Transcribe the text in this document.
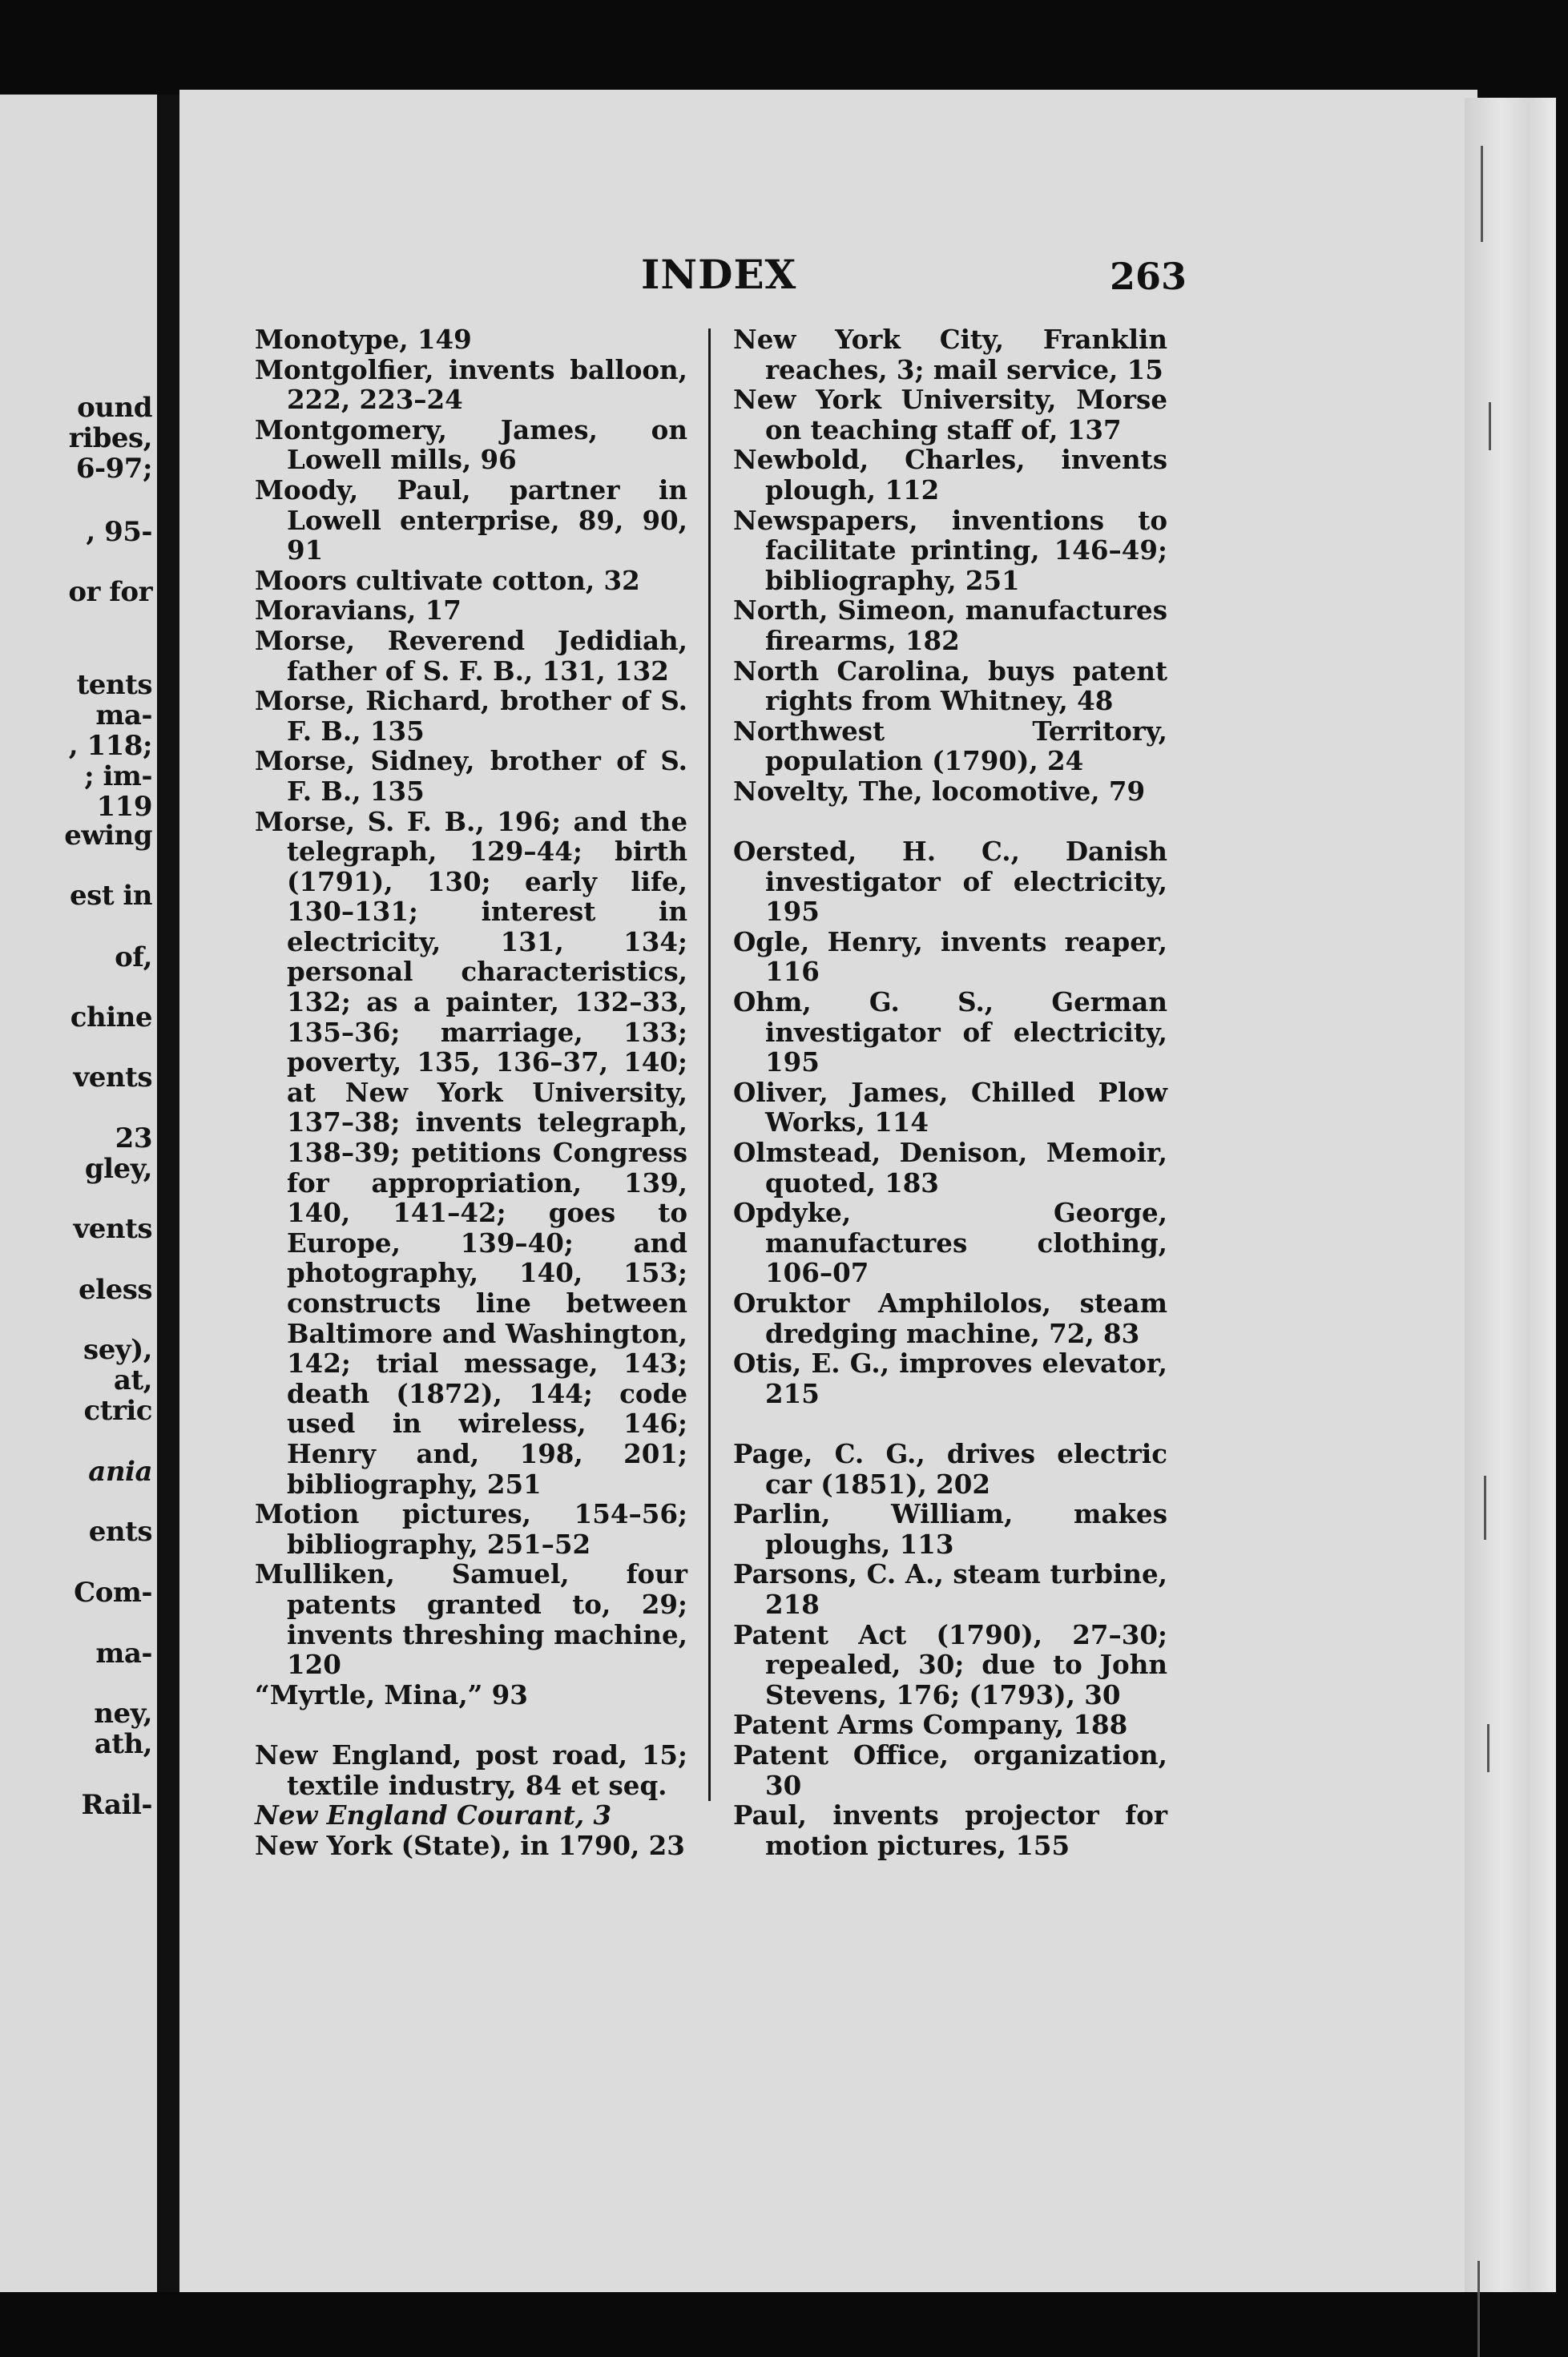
ound
ribes,
6-97;
, 95-
or for
tents
ma-
, 118;
; im-
119
ewing
est in
of,
chine
vents
23
gley,
vents
eless
sey),
at,
ctric
ania
ents
Com-
ma-
ney,
ath,
Rail-
INDEX	263

Monotype, 149

Montgolfier, invents balloon, 222, 223–24

Montgomery, James, on Lowell mills, 96

Moody, Paul, partner in Lowell enterprise, 89, 90, 91

Moors cultivate cotton, 32

Moravians, 17

Morse, Reverend Jedidiah, father of S. F. B., 131, 132

Morse, Richard, brother of S. F. B., 135

Morse, Sidney, brother of S. F. B., 135

Morse, S. F. B., 196; and the telegraph, 129–44; birth (1791), 130; early life, 130–131; interest in electricity, 131, 134; personal characteristics, 132; as a painter, 132–33, 135–36; marriage, 133; poverty, 135, 136–37, 140; at New York University, 137–38; invents telegraph, 138–39; petitions Congress for appropriation, 139, 140, 141–42; goes to Europe, 139–40; and photography, 140, 153; constructs line between Baltimore and Washington, 142; trial message, 143; death (1872), 144; code used in wireless, 146; Henry and, 198, 201; bibliography, 251

Motion pictures, 154–56; bibliography, 251–52

Mulliken, Samuel, four patents granted to, 29; invents threshing machine, 120

“Myrtle, Mina,” 93

New England, post road, 15; textile industry, 84 et seq.

New England Courant, 3

New York (State), in 1790, 23

New York City, Franklin reaches, 3; mail service, 15

New York University, Morse on teaching staff of, 137

Newbold, Charles, invents plough, 112

Newspapers, inventions to facilitate printing, 146–49; bibliography, 251

North, Simeon, manufactures firearms, 182

North Carolina, buys patent rights from Whitney, 48

Northwest Territory, population (1790), 24

Novelty, The, locomotive, 79

Oersted, H. C., Danish investigator of electricity, 195

Ogle, Henry, invents reaper, 116

Ohm, G. S., German investigator of electricity, 195

Oliver, James, Chilled Plow Works, 114

Olmstead, Denison, Memoir, quoted, 183

Opdyke, George, manufactures clothing, 106–07

Oruktor Amphilolos, steam dredging machine, 72, 83

Otis, E. G., improves elevator, 215

Page, C. G., drives electric car (1851), 202

Parlin, William, makes ploughs, 113

Parsons, C. A., steam turbine, 218

Patent Act (1790), 27–30; repealed, 30; due to John Stevens, 176; (1793), 30

Patent Arms Company, 188

Patent Office, organization, 30

Paul, invents projector for motion pictures, 155
